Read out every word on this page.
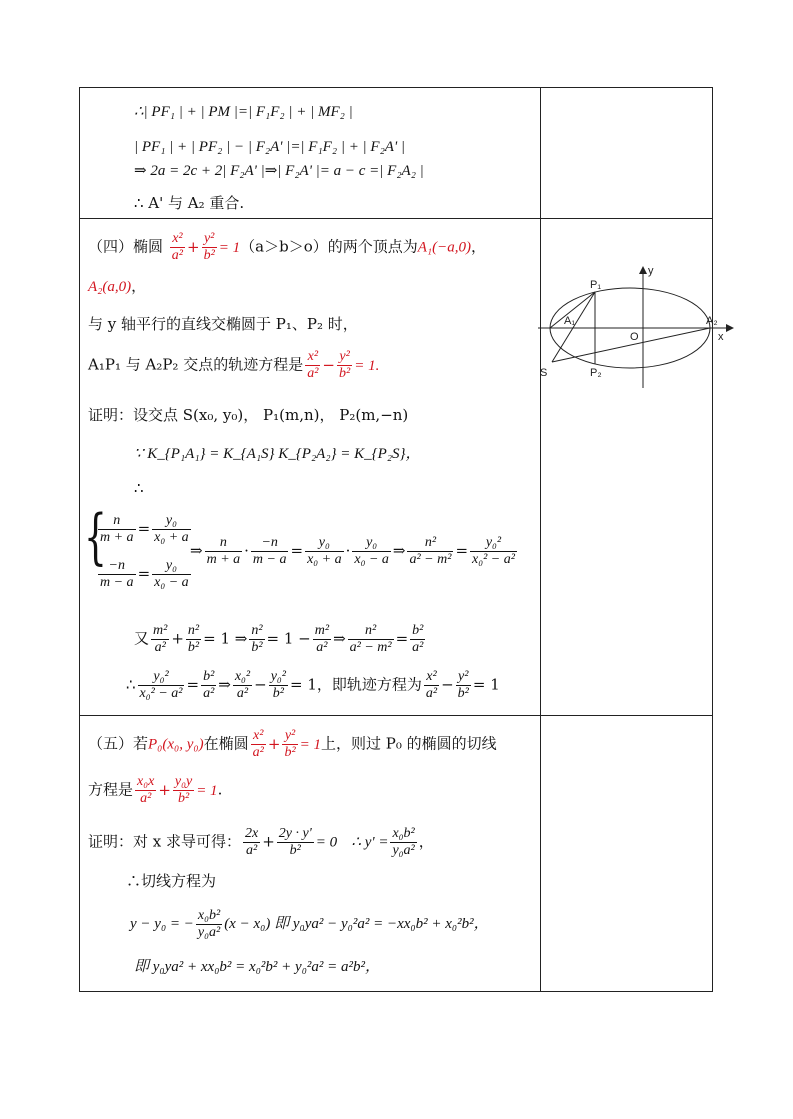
∴| PF₁ | + | PM |=| F₁F₂ | + | MF₂ |
| PF₁ | + | PF₂ | − | F₂A' |=| F₁F₂ | + | F₂A' |
⇒ 2a = 2c + 2| F₂A' |⇒| F₂A' |= a − c =| F₂A₂ |
∴ A' 与 A₂ 重合.
（四）椭圆 $\frac{\text{x²}}{\text{a²}} + \frac{\text{y²}}{\text{b²}} = 1(a>b>o)$的两个顶点为A₁(−a,0)，
A₂(a,0)，
与 y 轴平行的直线交椭圆于 P₁、P₂ 时，
A₁P₁ 与 A₂P₂ 交点的轨迹方程是 $\frac{\text{x²}}{\text{a²}} - \frac{\text{y²}}{\text{b²}} = 1$.
证明：设交点 S(x₀, y₀)， P₁(m,n)， P₂(m,−n)
∵ K_{P₁A₁} = K_{A₁S} K_{P₂A₂} = K_{P₂S}，
∴
{
$\frac{n}{m + a} = \frac{\text{y₀}}{\text{x₀ + a}}$
$\frac{-n}{m - a} = \frac{\text{y₀}}{\text{x₀ − a}}$
⇒ $\frac{n}{m + a} \cdot \frac{-n}{m - a} = \frac{\text{y₀}}{\text{x₀ + a}} \cdot \frac{\text{y₀}}{\text{x₀ − a}}$ ⇒ $\frac{\text{n²}}{\text{a² − m²}} = \frac{\text{y₀²}}{\text{x₀² − a²}}$
又 $\frac{\text{m²}}{\text{a²}} + \frac{\text{n²}}{\text{b²}} = 1$ ⇒ $\frac{\text{n²}}{\text{b²}} = 1 - \frac{\text{m²}}{\text{a²}}$ ⇒ $\frac{\text{n²}}{\text{a² − m²}} = \frac{\text{b²}}{\text{a²}}$
∴ $\frac{\text{y₀²}}{\text{x₀² − a²}} = \frac{\text{b²}}{\text{a²}}$ ⇒ $\frac{\text{x₀²}}{\text{a²}} - \frac{\text{y₀²}}{\text{b²}} = 1$，即轨迹方程为 $\frac{\text{x²}}{\text{a²}} - \frac{\text{y²}}{\text{b²}} = 1$
（五）若P₀(x₀, y₀)在椭圆 $\frac{\text{x²}}{\text{a²}} + \frac{\text{y²}}{\text{b²}} = 1$上，则过 P₀ 的椭圆的切线
方程是 $\frac{\text{x₀x}}{\text{a²}} + \frac{\text{y₀y}}{\text{b²}} = 1$.
证明：对 x 求导可得： $\frac{2x}{\text{a²}} + \frac{2y \cdot y'}{\text{b²}} = 0$ ∴ $y' = \frac{\text{x₀b²}}{\text{y₀a²}}$ ，
∴切线方程为
y − y₀ = − $\frac{\text{x₀b²}}{\text{y₀a²}} (x - x_0)$ 即 y₀ya² − y₀²a² = −xx₀b² + x₀²b²，
即 y₀ya² + xx₀b² = x₀²b² + y₀²a² = a²b²，
y
x
P₁
P₂
A₁	A₂
O
S
